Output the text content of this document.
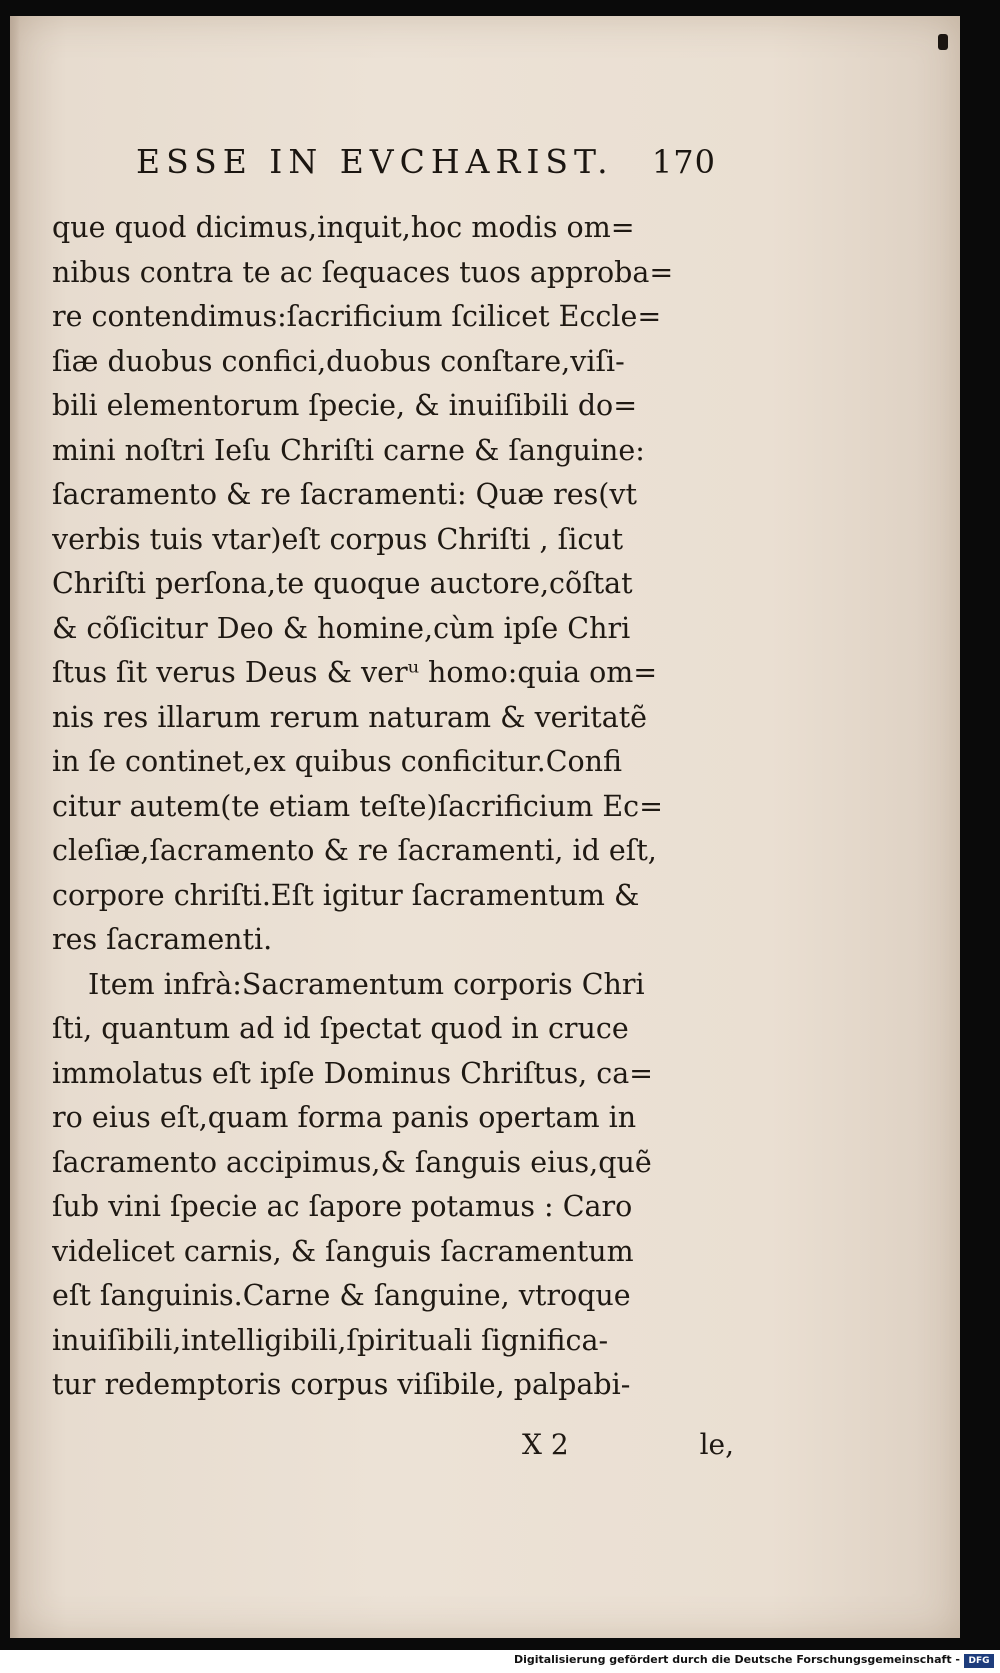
ESSE IN EVCHARIST. 170
que quod dicimus,inquit,hoc modis om=
nibus contra te ac ſequaces tuos approba=
re contendimus:ſacrificium ſcilicet Eccle=
ſiæ duobus confici,duobus conſtare,viſi-
bili elementorum ſpecie, & inuiſibili do=
mini noſtri Ieſu Chriſti carne & ſanguine:
ſacramento & re ſacramenti: Quæ res(vt
verbis tuis vtar)eſt corpus Chriſti , ſicut
Chriſti perſona,te quoque auctore,cõſtat
& cõſicitur Deo & homine,cùm ipſe Chri
ſtus ſit verus Deus & verᵘ homo:quia om=
nis res illarum rerum naturam & veritatẽ
in ſe continet,ex quibus conficitur.Confi
citur autem(te etiam teſte)ſacrificium Ec=
cleſiæ,ſacramento & re ſacramenti, id eſt,
corpore chriſti.Eſt igitur ſacramentum &
res ſacramenti.
Item infrà:Sacramentum corporis Chri
ſti, quantum ad id ſpectat quod in cruce
immolatus eſt ipſe Dominus Chriſtus, ca=
ro eius eſt,quam forma panis opertam in
ſacramento accipimus,& ſanguis eius,quẽ
ſub vini ſpecie ac ſapore potamus : Caro
videlicet carnis, & ſanguis ſacramentum
eſt ſanguinis.Carne & ſanguine, vtroque
inuiſibili,intelligibili,ſpirituali ſignifica-
tur redemptoris corpus viſibile, palpabi-
X 2	le,
Digitalisierung gefördert durch die Deutsche Forschungsgemeinschaft - DFG
